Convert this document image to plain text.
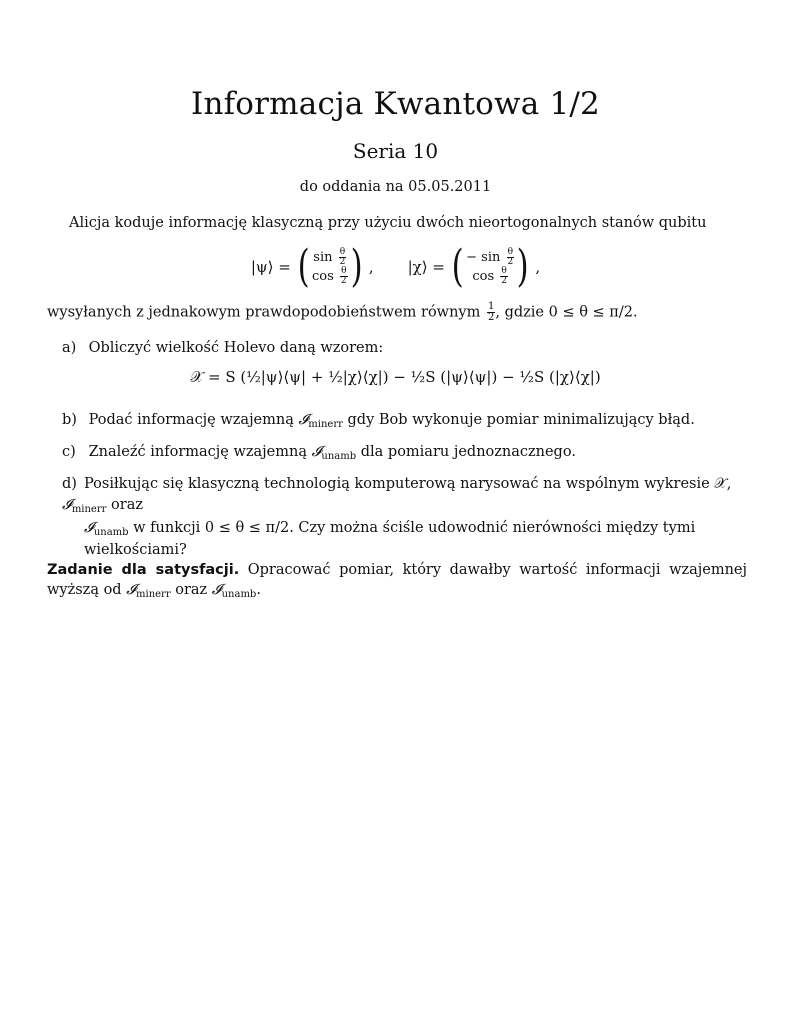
Informacja Kwantowa 1/2
Seria 10
do oddania na 05.05.2011
Alicja koduje informację klasyczną przy użyciu dwóch nieortogonalnych stanów qubitu
|ψ⟩ = ( $\sin \frac{\theta}{2}$
$\cos \frac{\theta}{2}$ ) , |χ⟩ = ( − $\sin \frac{\theta}{2}$
$\cos \frac{\theta}{2}$ ) ,
wysyłanych z jednakowym prawdopodobieństwem równym $\frac{1}{2}$ , gdzie 0 ≤ θ ≤ π/2.
a) Obliczyć wielkość Holevo daną wzorem:
𝒳 = S (½|ψ⟩⟨ψ| + ½|χ⟩⟨χ|) − ½S (|ψ⟩⟨ψ|) − ½S (|χ⟩⟨χ|)
b) Podać informację wzajemną 𝓘$_{minerr}$ gdy Bob wykonuje pomiar minimalizujący błąd.
c) Znaleźć informację wzajemną 𝓘$_{unamb}$ dla pomiaru jednoznacznego.
d) Posiłkując się klasyczną technologią komputerową narysować na wspólnym wykresie 𝒳, 𝓘$_{minerr}$ oraz
𝓘$_{unamb}$ w funkcji 0 ≤ θ ≤ π/2. Czy można ściśle udowodnić nierówności między tymi wielkościami?
Zadanie dla satysfacji. Opracować pomiar, który dawałby wartość informacji wzajemnej wyższą od 𝓘$_{minerr}$ oraz 𝓘$_{unamb}$.
